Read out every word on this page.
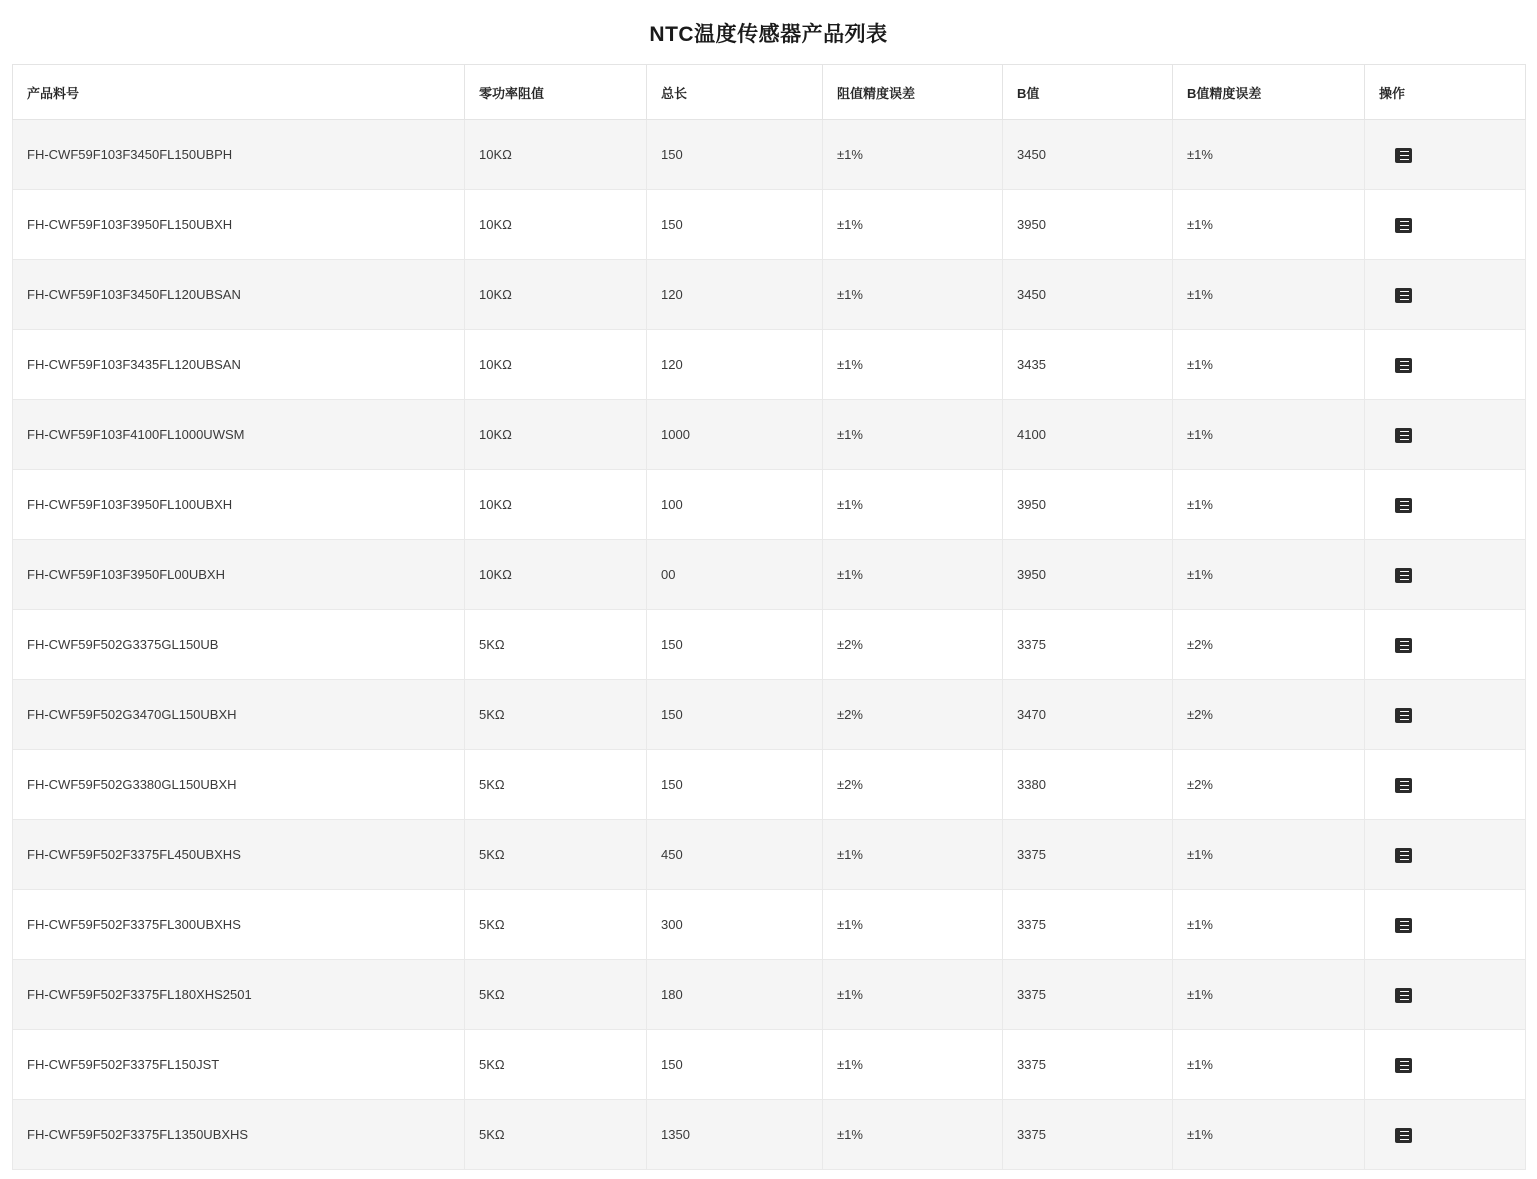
NTC温度传感器产品列表
产品料号	零功率阻值	总长	阻值精度误差	B值	B值精度误差	操作
FH-CWF59F103F3450FL150UBPH	10KΩ	150	±1%	3450	±1%	
FH-CWF59F103F3950FL150UBXH	10KΩ	150	±1%	3950	±1%	
FH-CWF59F103F3450FL120UBSAN	10KΩ	120	±1%	3450	±1%	
FH-CWF59F103F3435FL120UBSAN	10KΩ	120	±1%	3435	±1%	
FH-CWF59F103F4100FL1000UWSM	10KΩ	1000	±1%	4100	±1%	
FH-CWF59F103F3950FL100UBXH	10KΩ	100	±1%	3950	±1%	
FH-CWF59F103F3950FL00UBXH	10KΩ	00	±1%	3950	±1%	
FH-CWF59F502G3375GL150UB	5KΩ	150	±2%	3375	±2%	
FH-CWF59F502G3470GL150UBXH	5KΩ	150	±2%	3470	±2%	
FH-CWF59F502G3380GL150UBXH	5KΩ	150	±2%	3380	±2%	
FH-CWF59F502F3375FL450UBXHS	5KΩ	450	±1%	3375	±1%	
FH-CWF59F502F3375FL300UBXHS	5KΩ	300	±1%	3375	±1%	
FH-CWF59F502F3375FL180XHS2501	5KΩ	180	±1%	3375	±1%	
FH-CWF59F502F3375FL150JST	5KΩ	150	±1%	3375	±1%	
FH-CWF59F502F3375FL1350UBXHS	5KΩ	1350	±1%	3375	±1%	
